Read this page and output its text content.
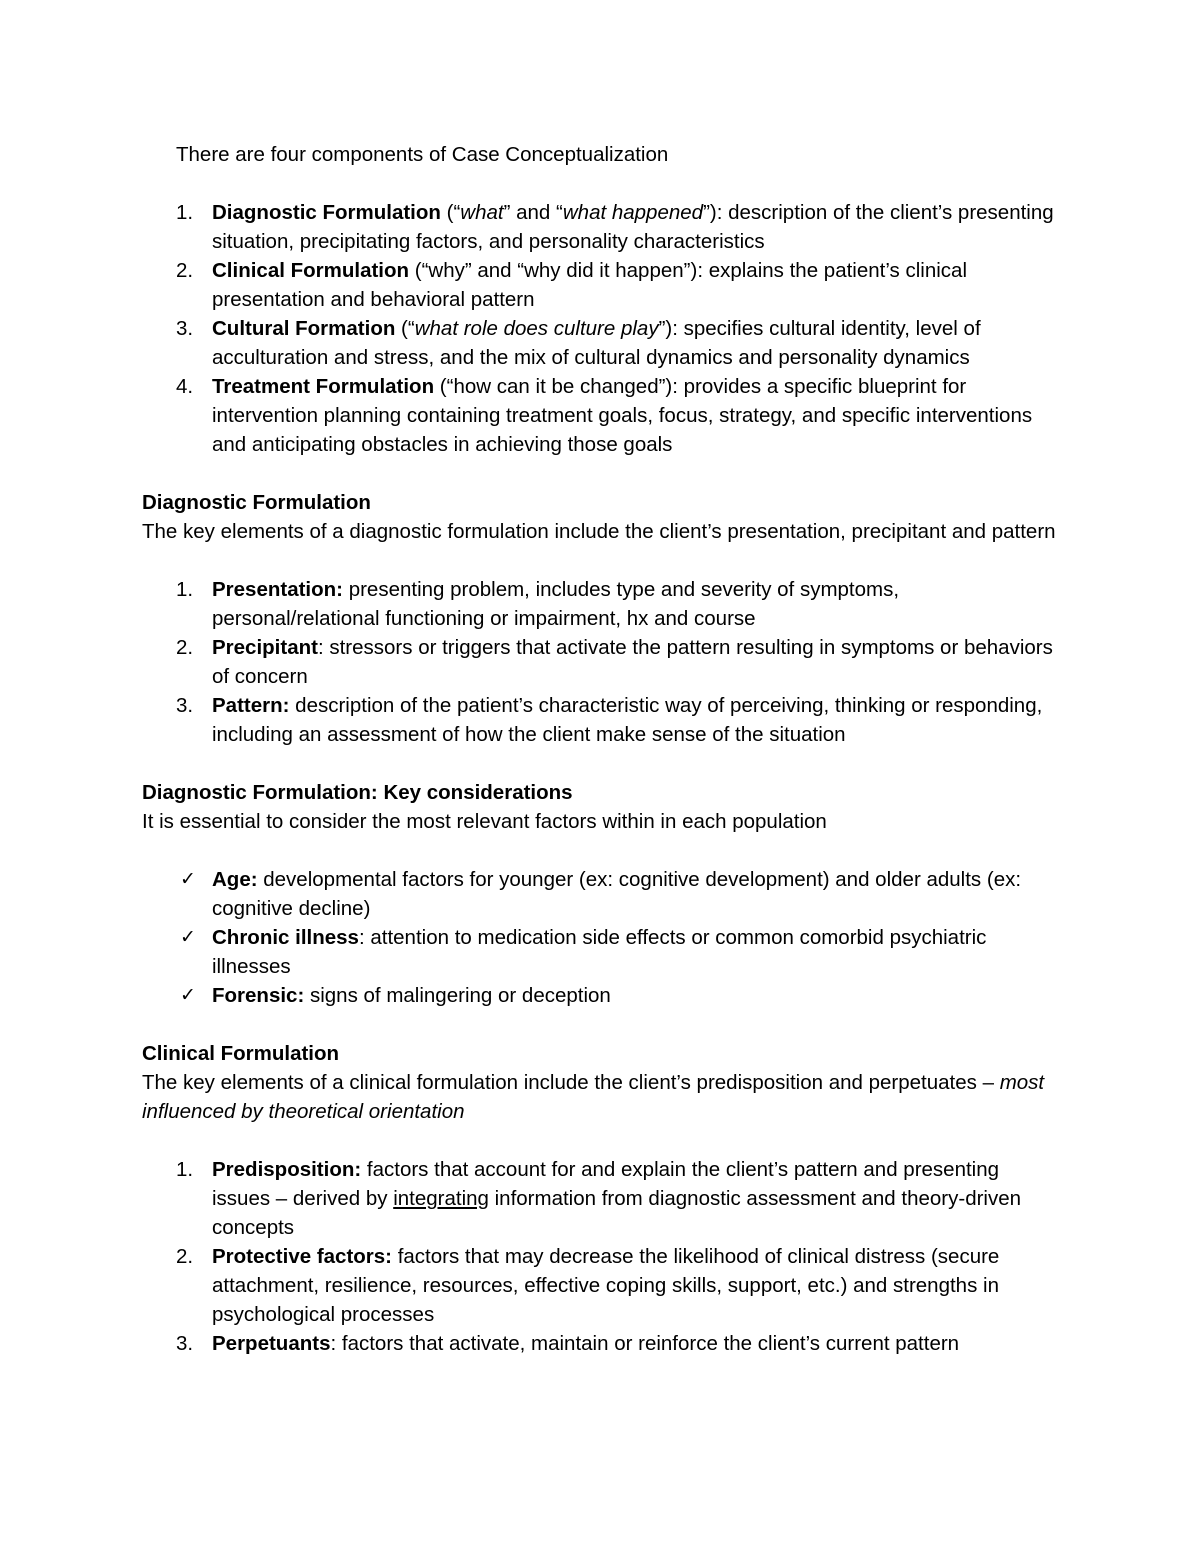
There are four components of Case Conceptualization

1. Diagnostic Formulation (“what” and “what happened”): description of the client’s presenting situation, precipitating factors, and personality characteristics
2. Clinical Formulation (“why” and “why did it happen”): explains the patient’s clinical presentation and behavioral pattern
3. Cultural Formation (“what role does culture play”): specifies cultural identity, level of acculturation and stress, and the mix of cultural dynamics and personality dynamics
4. Treatment Formulation (“how can it be changed”): provides a specific blueprint for intervention planning containing treatment goals, focus, strategy, and specific interventions and anticipating obstacles in achieving those goals

Diagnostic Formulation

The key elements of a diagnostic formulation include the client’s presentation, precipitant and pattern

1. Presentation: presenting problem, includes type and severity of symptoms, personal/relational functioning or impairment, hx and course
2. Precipitant: stressors or triggers that activate the pattern resulting in symptoms or behaviors of concern
3. Pattern: description of the patient’s characteristic way of perceiving, thinking or responding, including an assessment of how the client make sense of the situation

Diagnostic Formulation: Key considerations

It is essential to consider the most relevant factors within in each population

✓ Age: developmental factors for younger (ex: cognitive development) and older adults (ex: cognitive decline)
✓ Chronic illness: attention to medication side effects or common comorbid psychiatric illnesses
✓ Forensic: signs of malingering or deception

Clinical Formulation

The key elements of a clinical formulation include the client’s predisposition and perpetuates – most influenced by theoretical orientation

1. Predisposition: factors that account for and explain the client’s pattern and presenting issues – derived by integrating information from diagnostic assessment and theory-driven concepts
2. Protective factors: factors that may decrease the likelihood of clinical distress (secure attachment, resilience, resources, effective coping skills, support, etc.) and strengths in psychological processes
3. Perpetuants: factors that activate, maintain or reinforce the client’s current pattern
